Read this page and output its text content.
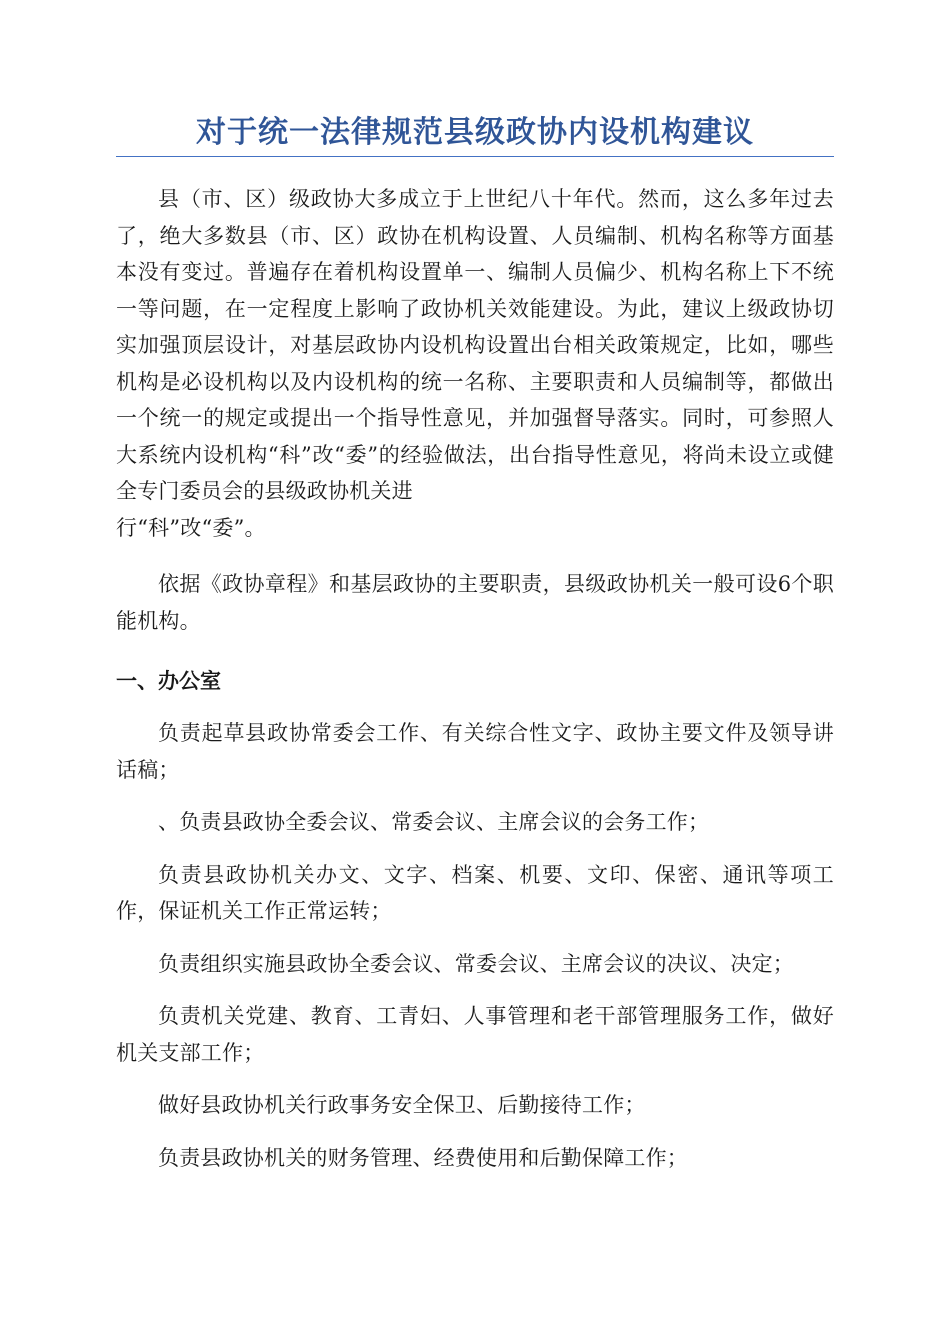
对于统一法律规范县级政协内设机构建议

县（市、区）级政协大多成立于上世纪八十年代。然而，这么多年过去了，绝大多数县（市、区）政协在机构设置、人员编制、机构名称等方面基本没有变过。普遍存在着机构设置单一、编制人员偏少、机构名称上下不统一等问题，在一定程度上影响了政协机关效能建设。为此，建议上级政协切实加强顶层设计，对基层政协内设机构设置出台相关政策规定，比如，哪些机构是必设机构以及内设机构的统一名称、主要职责和人员编制等，都做出一个统一的规定或提出一个指导性意见，并加强督导落实。同时，可参照人大系统内设机构“科”改“委”的经验做法，出台指导性意见，将尚未设立或健全专门委员会的县级政协机关进
行“科”改“委”。

依据《政协章程》和基层政协的主要职责，县级政协机关一般可设6个职能机构。

一、办公室

负责起草县政协常委会工作、有关综合性文字、政协主要文件及领导讲话稿；

、负责县政协全委会议、常委会议、主席会议的会务工作；

负责县政协机关办文、文字、档案、机要、文印、保密、通讯等项工作，保证机关工作正常运转；

负责组织实施县政协全委会议、常委会议、主席会议的决议、决定；

负责机关党建、教育、工青妇、人事管理和老干部管理服务工作，做好机关支部工作；

做好县政协机关行政事务安全保卫、后勤接待工作；

负责县政协机关的财务管理、经费使用和后勤保障工作；
